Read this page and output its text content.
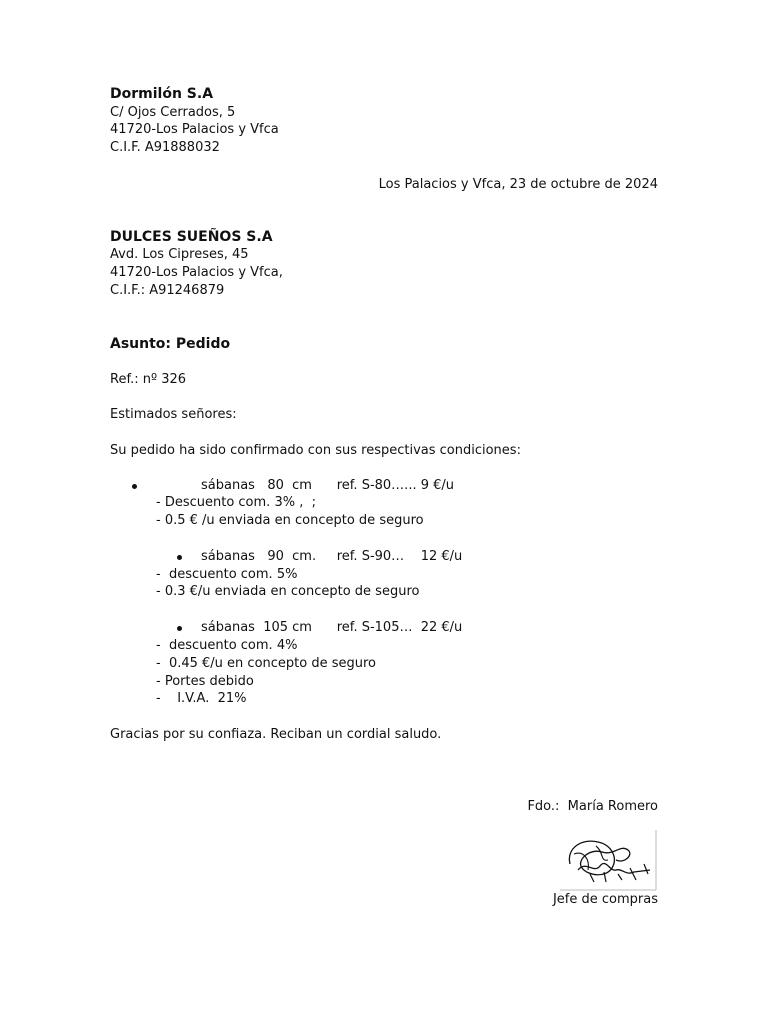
Dormilón S.A
C/ Ojos Cerrados, 5
41720-Los Palacios y Vfca
C.I.F. A91888032
Los Palacios y Vfca, 23 de octubre de 2024
DULCES SUEÑOS S.A
Avd. Los Cipreses, 45
41720-Los Palacios y Vfca,
C.I.F.: A91246879
Asunto: Pedido
Ref.: nº 326
Estimados señores:
Su pedido ha sido confirmado con sus respectivas condiciones:
sábanas   80  cm      ref. S-80…... 9 €/u
- Descuento com. 3% ,  ;
- 0.5 € /u enviada en concepto de seguro
sábanas   90  cm.     ref. S-90…    12 €/u
-  descuento com. 5%
- 0.3 €/u enviada en concepto de seguro
sábanas  105 cm      ref. S-105…  22 €/u
-  descuento com. 4%
-  0.45 €/u en concepto de seguro
- Portes debido
-    I.V.A.  21%
Gracias por su confiaza. Reciban un cordial saludo.
Fdo.:  María Romero
Jefe de compras
